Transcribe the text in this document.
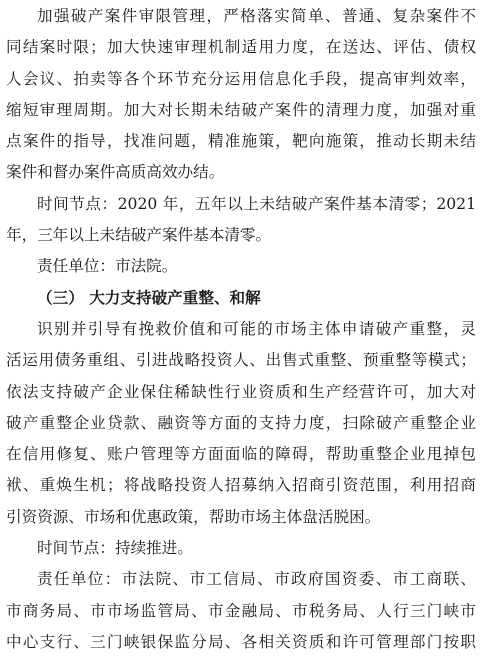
加强破产案件审限管理，严格落实简单、普通、复杂案件不
同结案时限；加大快速审理机制适用力度，在送达、评估、债权
人会议、拍卖等各个环节充分运用信息化手段，提高审判效率，
缩短审理周期。加大对长期未结破产案件的清理力度，加强对重
点案件的指导，找准问题，精准施策，靶向施策，推动长期未结
案件和督办案件高质高效办结。
时间节点：2020 年，五年以上未结破产案件基本清零；2021
年，三年以上未结破产案件基本清零。
责任单位：市法院。
（三） 大力支持破产重整、和解
识别并引导有挽救价值和可能的市场主体申请破产重整，灵
活运用债务重组、引进战略投资人、出售式重整、预重整等模式；
依法支持破产企业保住稀缺性行业资质和生产经营许可，加大对
破产重整企业贷款、融资等方面的支持力度，扫除破产重整企业
在信用修复、账户管理等方面面临的障碍，帮助重整企业甩掉包
袱、重焕生机；将战略投资人招募纳入招商引资范围，利用招商
引资资源、市场和优惠政策，帮助市场主体盘活脱困。
时间节点：持续推进。
责任单位：市法院、市工信局、市政府国资委、市工商联、
市商务局、市市场监管局、市金融局、市税务局、人行三门峡市
中心支行、三门峡银保监分局、各相关资质和许可管理部门按职
